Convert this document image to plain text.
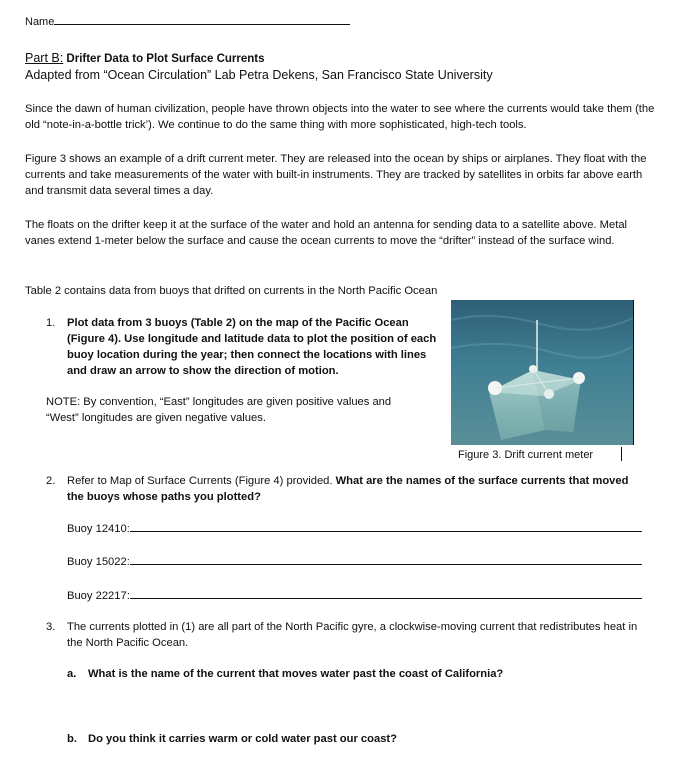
Name
Part B: Drifter Data to Plot Surface Currents
Adapted from “Ocean Circulation” Lab Petra Dekens, San Francisco State University
Since the dawn of human civilization, people have thrown objects into the water to see where the currents would take them (the old “note-in-a-bottle trick’). We continue to do the same thing with more sophisticated, high-tech tools.
Figure 3 shows an example of a drift current meter. They are released into the ocean by ships or airplanes. They float with the currents and take measurements of the water with built-in instruments. They are tracked by satellites in orbits far above earth and transmit data several times a day.
The floats on the drifter keep it at the surface of the water and hold an antenna for sending data to a satellite above. Metal vanes extend 1-meter below the surface and cause the ocean currents to move the “drifter” instead of the surface wind.
Table 2 contains data from buoys that drifted on currents in the North Pacific Ocean
1. Plot data from 3 buoys (Table 2) on the map of the Pacific Ocean (Figure 4). Use longitude and latitude data to plot the position of each buoy location during the year; then connect the locations with lines and draw an arrow to show the direction of motion.
NOTE: By convention, “East” longitudes are given positive values and “West” longitudes are given negative values.
Figure 3. Drift current meter
2. Refer to Map of Surface Currents (Figure 4) provided. What are the names of the surface currents that moved the buoys whose paths you plotted?
Buoy 12410:
Buoy 15022:
Buoy 22217:
3. The currents plotted in (1) are all part of the North Pacific gyre, a clockwise-moving current that redistributes heat in the North Pacific Ocean.
a. What is the name of the current that moves water past the coast of California?
b. Do you think it carries warm or cold water past our coast?
